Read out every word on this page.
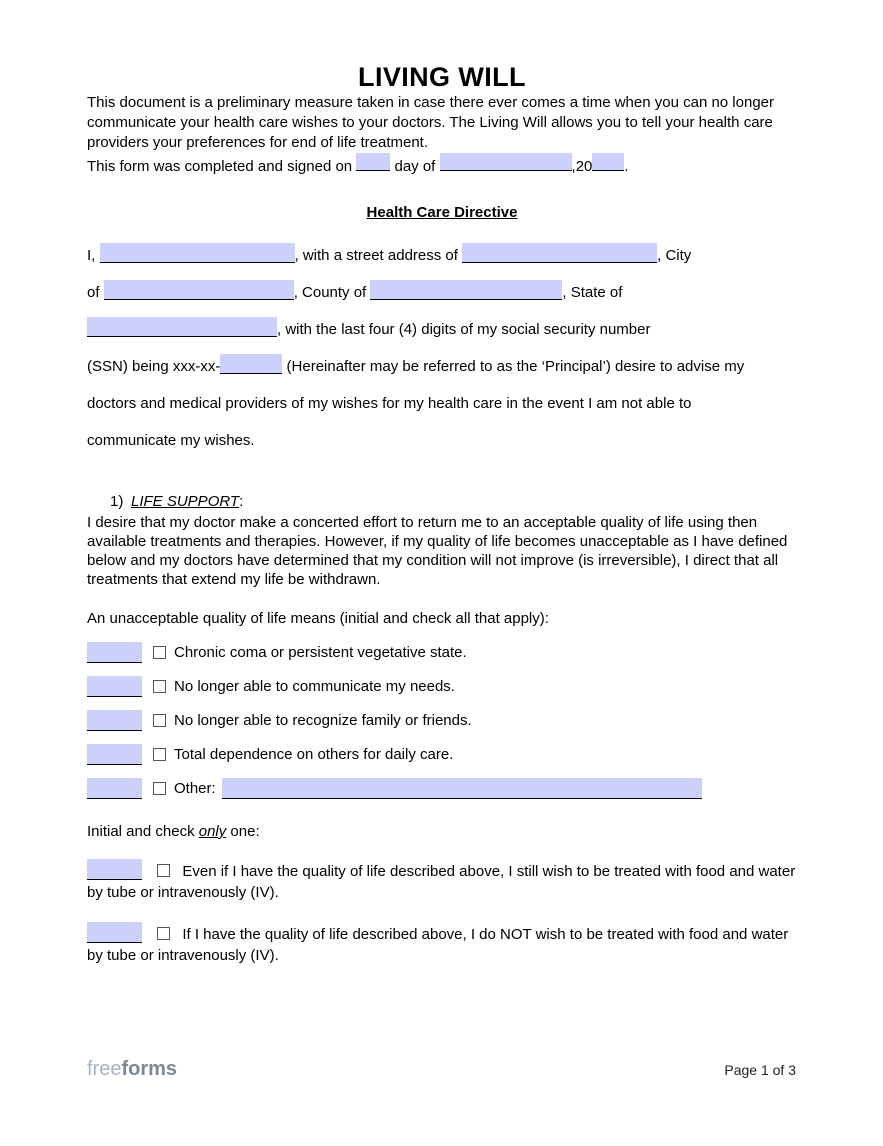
LIVING WILL

This document is a preliminary measure taken in case there ever comes a time when you can no longer communicate your health care wishes to your doctors. The Living Will allows you to tell your health care providers your preferences for end of life treatment.

This form was completed and signed on	day of	,20 .

Health Care Directive
I,	, with a street address of	, City
of	, County of	, State of
, with the last four (4) digits of my social security number
(SSN) being xxx-xx-	(Hereinafter may be referred to as the ‘Principal’) desire to advise my
doctors and medical providers of my wishes for my health care in the event I am not able to
communicate my wishes.
1) LIFE SUPPORT:

I desire that my doctor make a concerted effort to return me to an acceptable quality of life using then available treatments and therapies. However, if my quality of life becomes unacceptable as I have defined below and my doctors have determined that my condition will not improve (is irreversible), I direct that all treatments that extend my life be withdrawn.

An unacceptable quality of life means (initial and check all that apply):

Chronic coma or persistent vegetative state.
No longer able to communicate my needs.
No longer able to recognize family or friends.
Total dependence on others for daily care.
Other:

Initial and check only one:

Even if I have the quality of life described above, I still wish to be treated with food and water by tube or intravenously (IV).

If I have the quality of life described above, I do NOT wish to be treated with food and water by tube or intravenously (IV).

freeforms	Page 1 of 3
